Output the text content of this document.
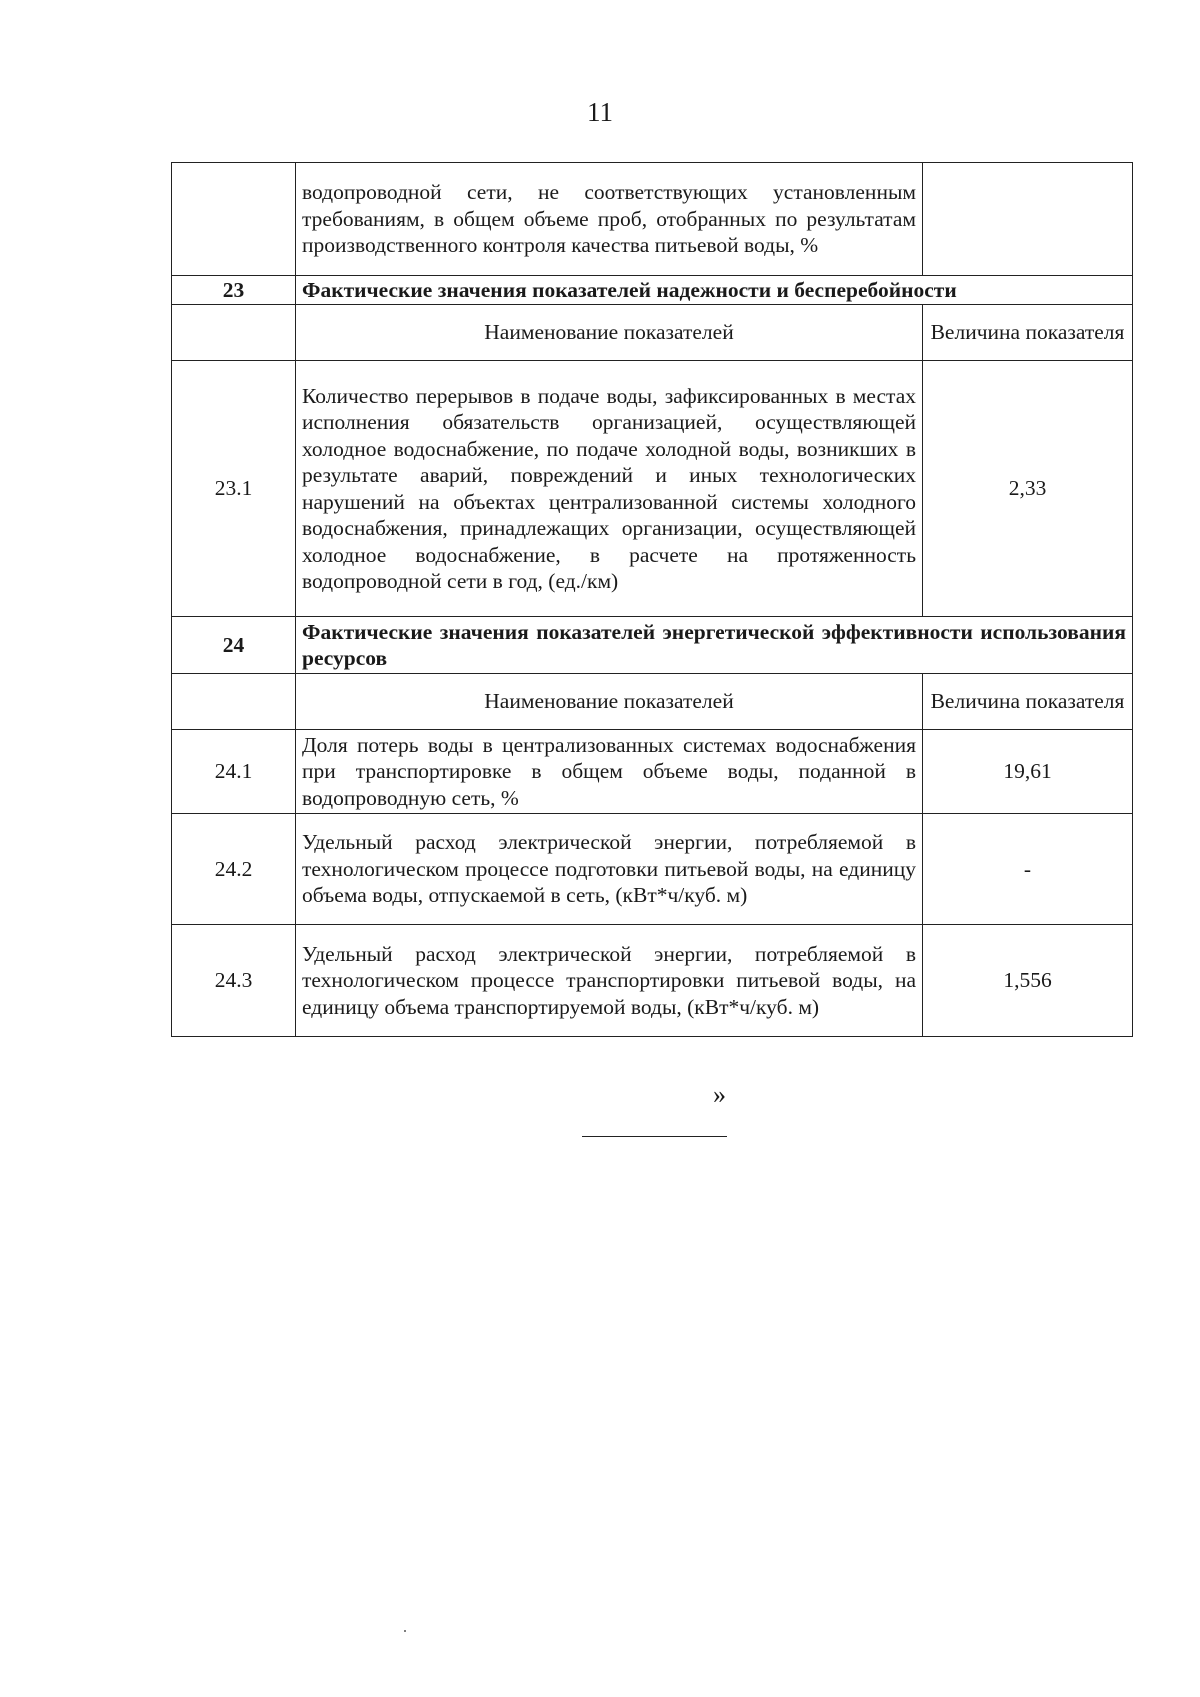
11
	водопроводной сети, не соответствующих установленным требованиям, в общем объеме проб, отобранных по результатам производственного контроля качества питьевой воды, %	
23	Фактические значения показателей надежности и бесперебойности	
	Наименование показателей	Величина показателя
23.1	Количество перерывов в подаче воды, зафиксированных в местах исполнения обязательств организацией, осуществляющей холодное водоснабжение, по подаче холодной воды, возникших в результате аварий, повреждений и иных технологических нарушений на объектах централизованной системы холодного водоснабжения, принадлежащих организации, осуществляющей холодное водоснабжение, в расчете на протяженность водопроводной сети в год, (ед./км)	2,33
24	Фактические значения показателей энергетической эффективности использования ресурсов	
	Наименование показателей	Величина показателя
24.1	Доля потерь воды в централизованных системах водоснабжения при транспортировке в общем объеме воды, поданной в водопроводную сеть, %	19,61
24.2	Удельный расход электрической энергии, потребляемой в технологическом процессе подготовки питьевой воды, на единицу объема воды, отпускаемой в сеть, (кВт*ч/куб. м)	-
24.3	Удельный расход электрической энергии, потребляемой в технологическом процессе транспортировки питьевой воды, на единицу объема транспортируемой воды, (кВт*ч/куб. м)	1,556
»
